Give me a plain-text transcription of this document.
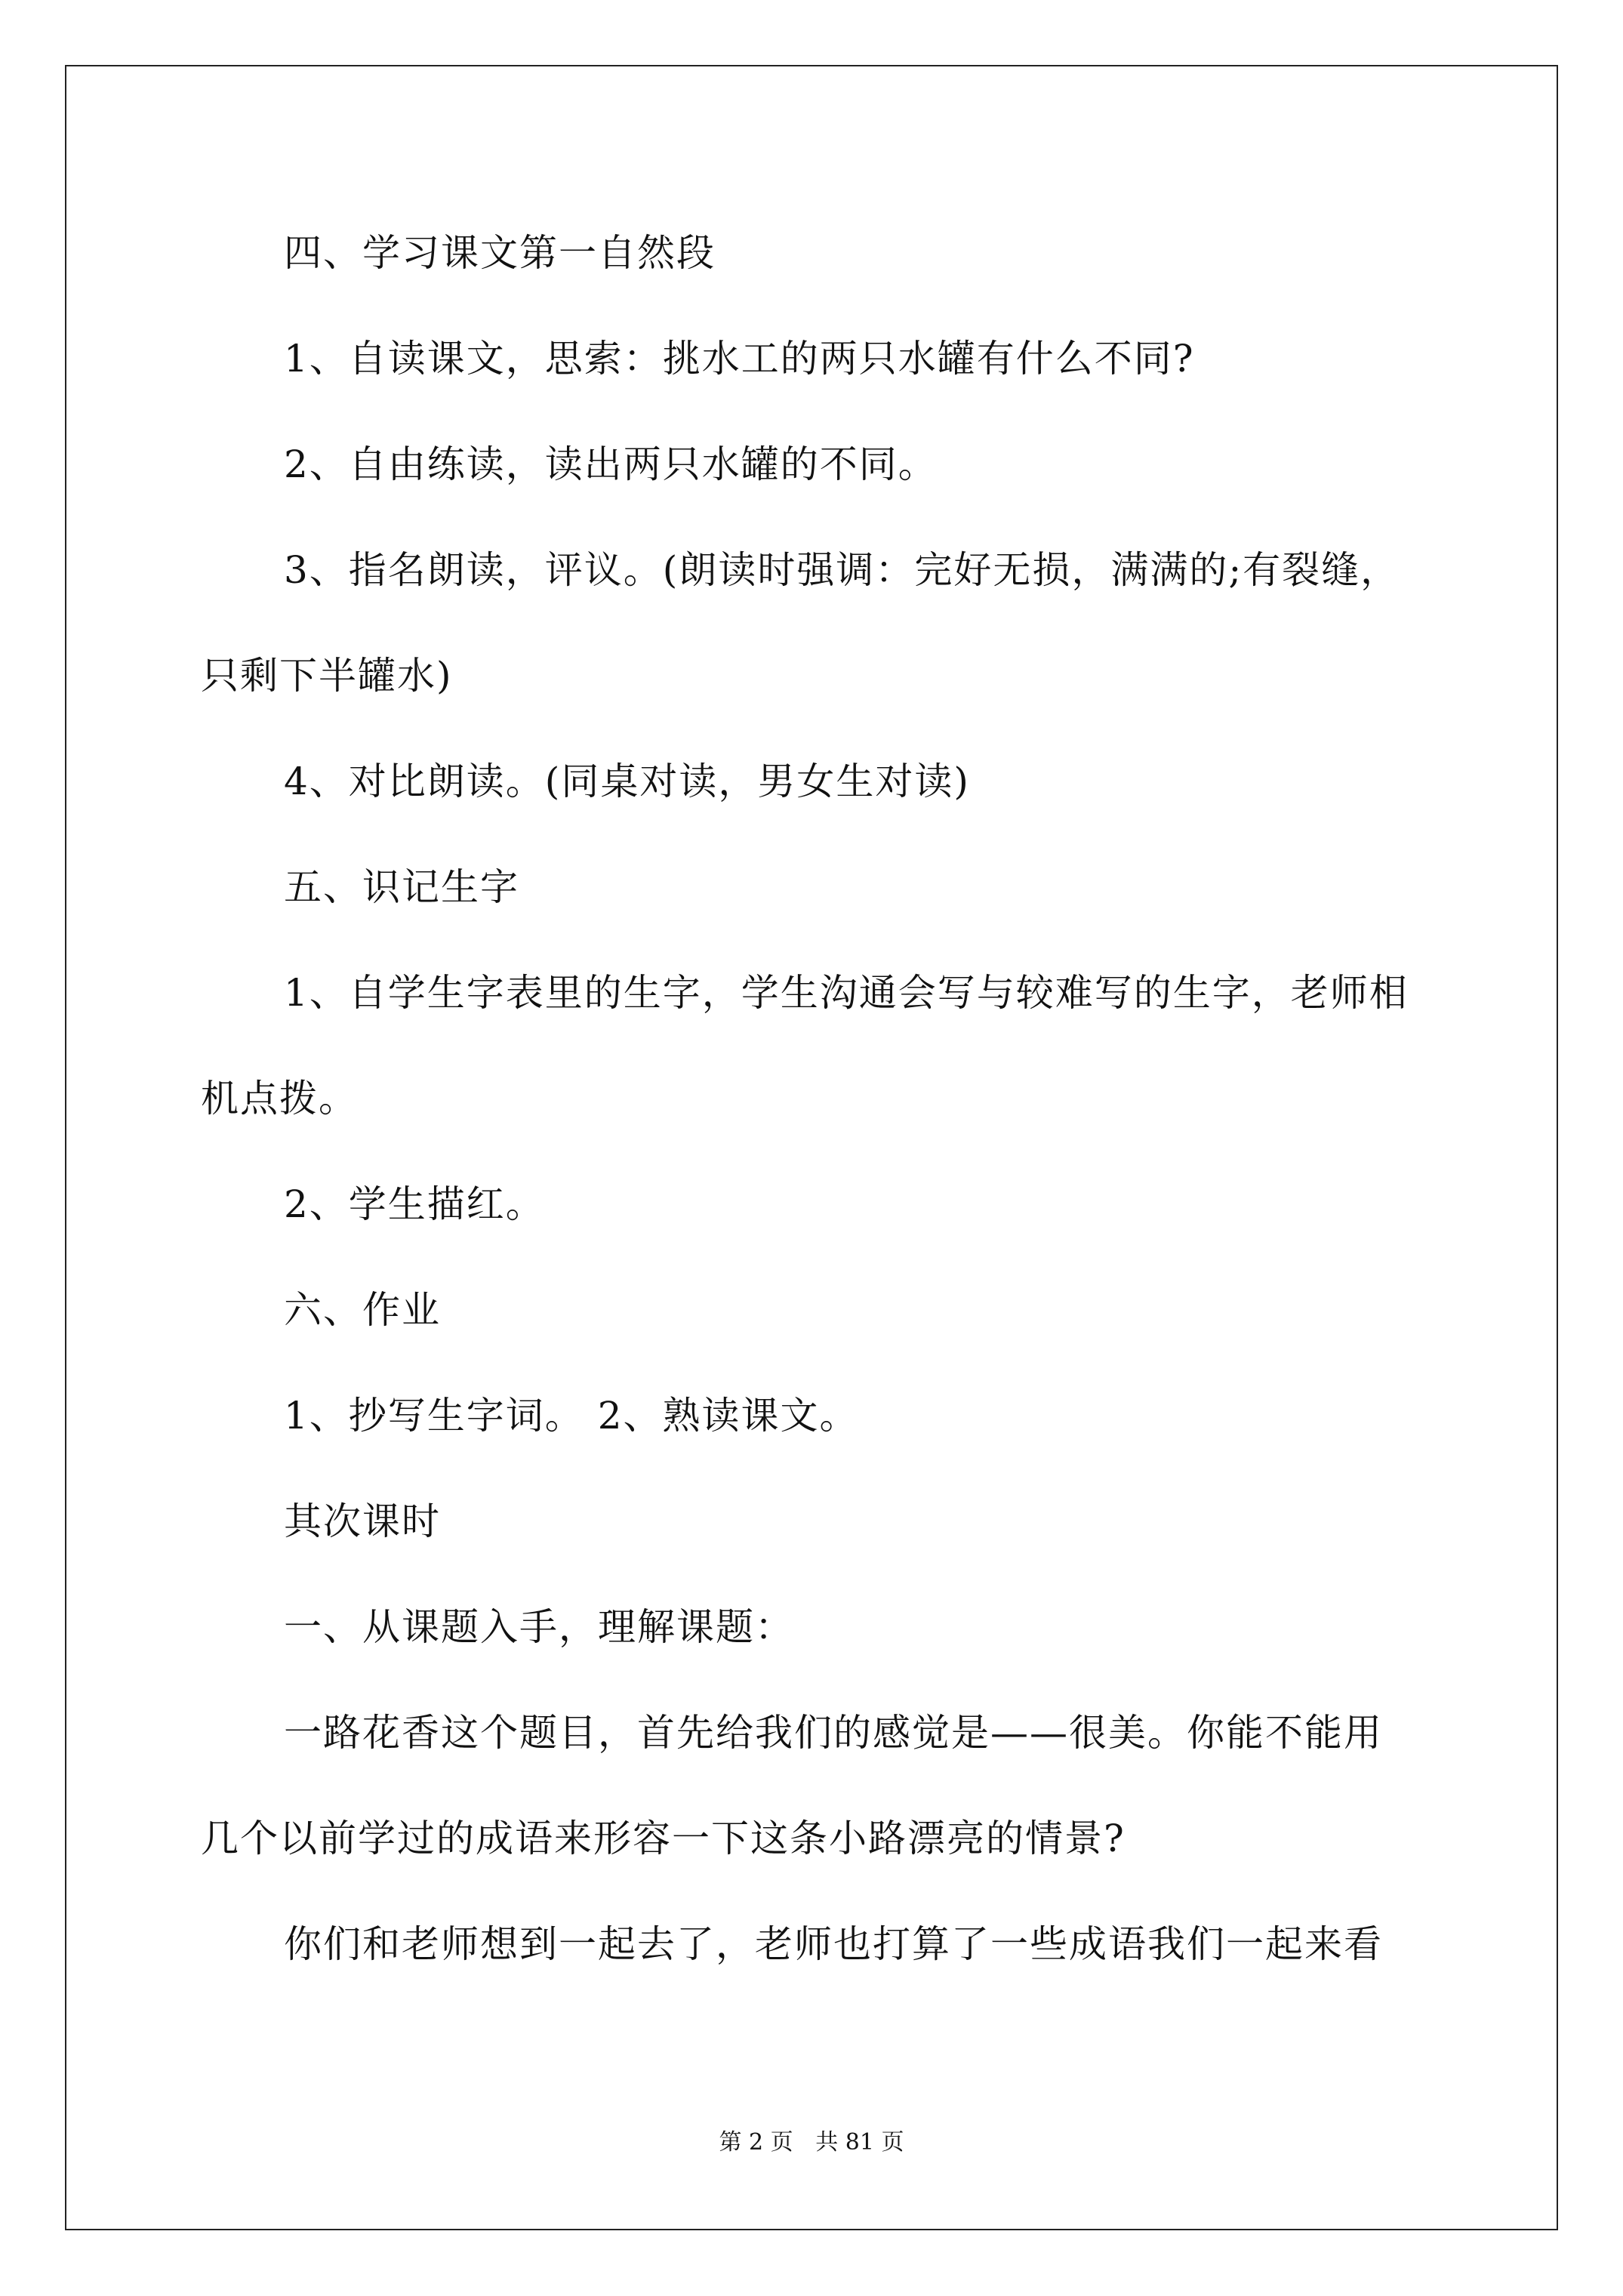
四、学习课文第一自然段
1、自读课文，思索：挑水工的两只水罐有什么不同?
2、自由练读，读出两只水罐的不同。
3、指名朗读，评议。(朗读时强调：完好无损，满满的;有裂缝，
只剩下半罐水)
4、对比朗读。(同桌对读，男女生对读)
五、识记生字
1、自学生字表里的生字，学生沟通会写与较难写的生字，老师相
机点拨。
2、学生描红。
六、作业
1、抄写生字词。 2、熟读课文。
其次课时
一、从课题入手，理解课题：
一路花香这个题目，首先给我们的感觉是——很美。你能不能用
几个以前学过的成语来形容一下这条小路漂亮的情景?
你们和老师想到一起去了，老师也打算了一些成语我们一起来看
第 2 页 共 81 页
